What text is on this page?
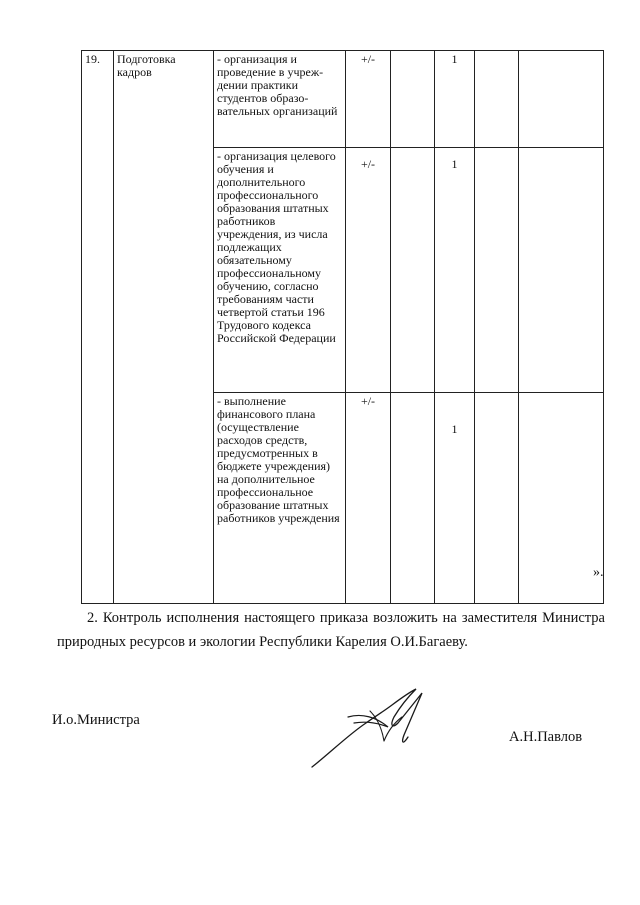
19.	Подготовка кадров	- организация и проведение в учреж-дении практики студентов образо-вательных организаций	+/-		1		
		- организация целевого обучения и дополнительного профессионального образования штатных работников учреждения, из числа подлежащих обязательному профессиональному обучению, согласно требованиям части четвертой статьи 196 Трудового кодекса Российской Федерации	+/-		1		
		- выполнение финансового плана (осуществление расходов средств, предусмотренных в бюджете учреждения) на дополнительное профессиональное образование штатных работников учреждения	+/-		1		
».

2. Контроль исполнения настоящего приказа возложить на заместителя Министра природных ресурсов и экологии Республики Карелия О.И.Багаеву.

И.о.Министра
А.Н.Павлов
